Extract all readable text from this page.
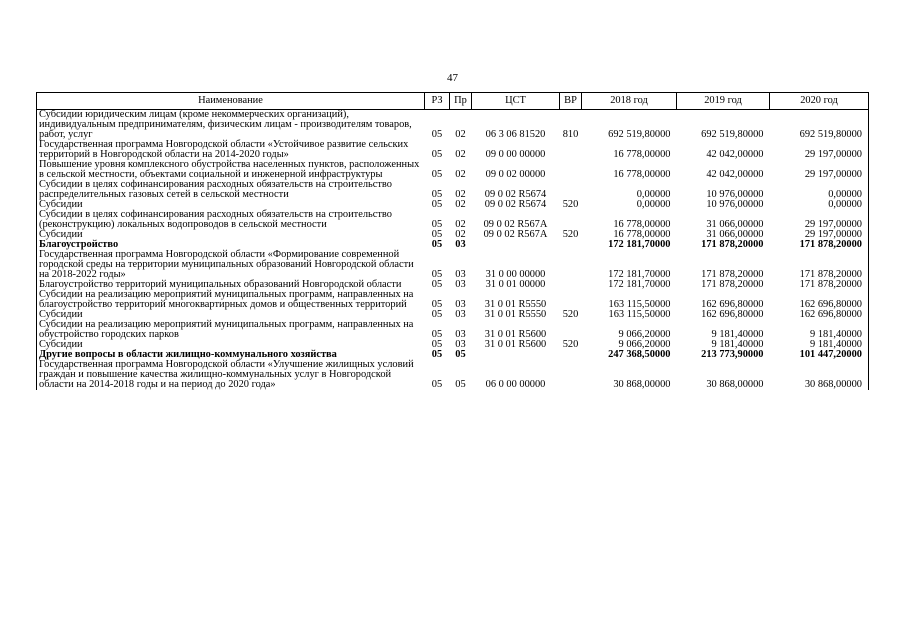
47
Наименование	РЗ	Пр	ЦСТ	ВР	2018 год	2019 год	2020 год
Субсидии юридическим лицам (кроме некоммерческих организаций), индивидуальным предпринимателям, физическим лицам - производителям товаров, работ, услуг	05	02	06 3 06 81520	810	692 519,80000	692 519,80000	692 519,80000
Государственная программа Новгородской области «Устойчивое развитие сельских территорий в Новгородской области на 2014-2020 годы»	05	02	09 0 00 00000		16 778,00000	42 042,00000	29 197,00000
Повышение уровня комплексного обустройства населенных пунктов, расположенных в сельской местности, объектами социальной и инженерной инфраструктуры	05	02	09 0 02 00000		16 778,00000	42 042,00000	29 197,00000
Субсидии в целях софинансирования расходных обязательств на строительство распределительных газовых сетей в сельской местности	05	02	09 0 02 R5674		0,00000	10 976,00000	0,00000
Субсидии	05	02	09 0 02 R5674	520	0,00000	10 976,00000	0,00000
Субсидии в целях софинансирования расходных обязательств на строительство (реконструкцию) локальных водопроводов в сельской местности	05	02	09 0 02 R567A		16 778,00000	31 066,00000	29 197,00000
Субсидии	05	02	09 0 02 R567A	520	16 778,00000	31 066,00000	29 197,00000
Благоустройство	05	03			172 181,70000	171 878,20000	171 878,20000
Государственная программа Новгородской области «Формирование современной городской среды на территории муниципальных образований Новгородской области на 2018-2022 годы»	05	03	31 0 00 00000		172 181,70000	171 878,20000	171 878,20000
Благоустройство территорий муниципальных образований Новгородской области	05	03	31 0 01 00000		172 181,70000	171 878,20000	171 878,20000
Субсидии на реализацию мероприятий муниципальных программ, направленных на благоустройство территорий многоквартирных домов и общественных территорий	05	03	31 0 01 R5550		163 115,50000	162 696,80000	162 696,80000
Субсидии	05	03	31 0 01 R5550	520	163 115,50000	162 696,80000	162 696,80000
Субсидии на реализацию мероприятий муниципальных программ, направленных на обустройство городских парков	05	03	31 0 01 R5600		9 066,20000	9 181,40000	9 181,40000
Субсидии	05	03	31 0 01 R5600	520	9 066,20000	9 181,40000	9 181,40000
Другие вопросы в области жилищно-коммунального хозяйства	05	05			247 368,50000	213 773,90000	101 447,20000
Государственная программа Новгородской области «Улучшение жилищных условий граждан и повышение качества жилищно-коммунальных услуг в Новгородской области на 2014-2018 годы и на период до 2020 года»	05	05	06 0 00 00000		30 868,00000	30 868,00000	30 868,00000
